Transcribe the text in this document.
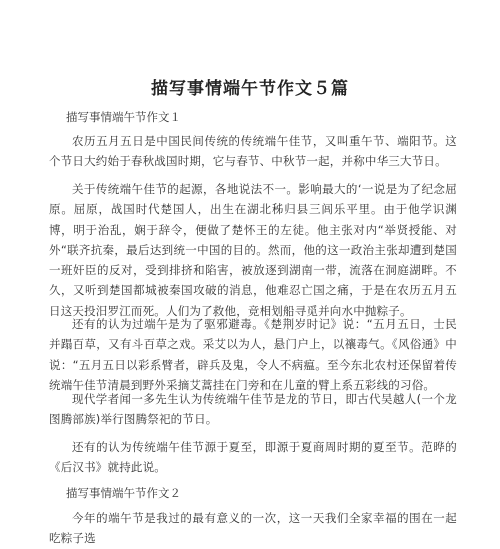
描写事情端午节作文５篇
描写事情端午节作文１

农历五月五日是中国民间传统的传统端午佳节，又叫重午节、端阳节。这个节日大约始于春秋战国时期，它与春节、中秋节一起，并称中华三大节日。

关于传统端午佳节的起源，各地说法不一。影响最大的‘一说是为了纪念屈原。屈原，战国时代楚国人，出生在湖北秭归县三闾乐平里。由于他学识渊博，明于治乱，娴于辞令，便做了楚怀王的左徒。他主张对内“举贤授能、对外“联齐抗秦，最后达到统一中国的目的。然而，他的这一政治主张却遭到楚国一班奸臣的反对，受到排挤和陷害，被放逐到湖南一带，流落在洞庭湖畔。不久，又听到楚国都城被秦国攻破的消息，他难忍亡国之痛，于是在农历五月五日这天投汨罗江而死。人们为了救他，竞相划船寻觅并向水中抛粽子。

还有的认为过端午是为了驱邪避毒。《楚荆岁时记》说：“五月五日，士民并蹋百草，又有斗百草之戏。采艾以为人，悬门户上，以禳毒气。《风俗通》中说：“五月五日以彩系臂者，辟兵及鬼，令人不病瘟。至今东北农村还保留着传统端午佳节清晨到野外采摘艾蒿挂在门旁和在儿童的臂上系五彩线的习俗。

现代学者闻一多先生认为传统端午佳节是龙的节日，即古代吴越人(一个龙图腾部族)举行图腾祭祀的节日。

还有的认为传统端午佳节源于夏至，即源于夏商周时期的夏至节。范晔的《后汉书》就持此说。

描写事情端午节作文２

今年的端午节是我过的最有意义的一次，这一天我们全家幸福的围在一起吃粽子选
